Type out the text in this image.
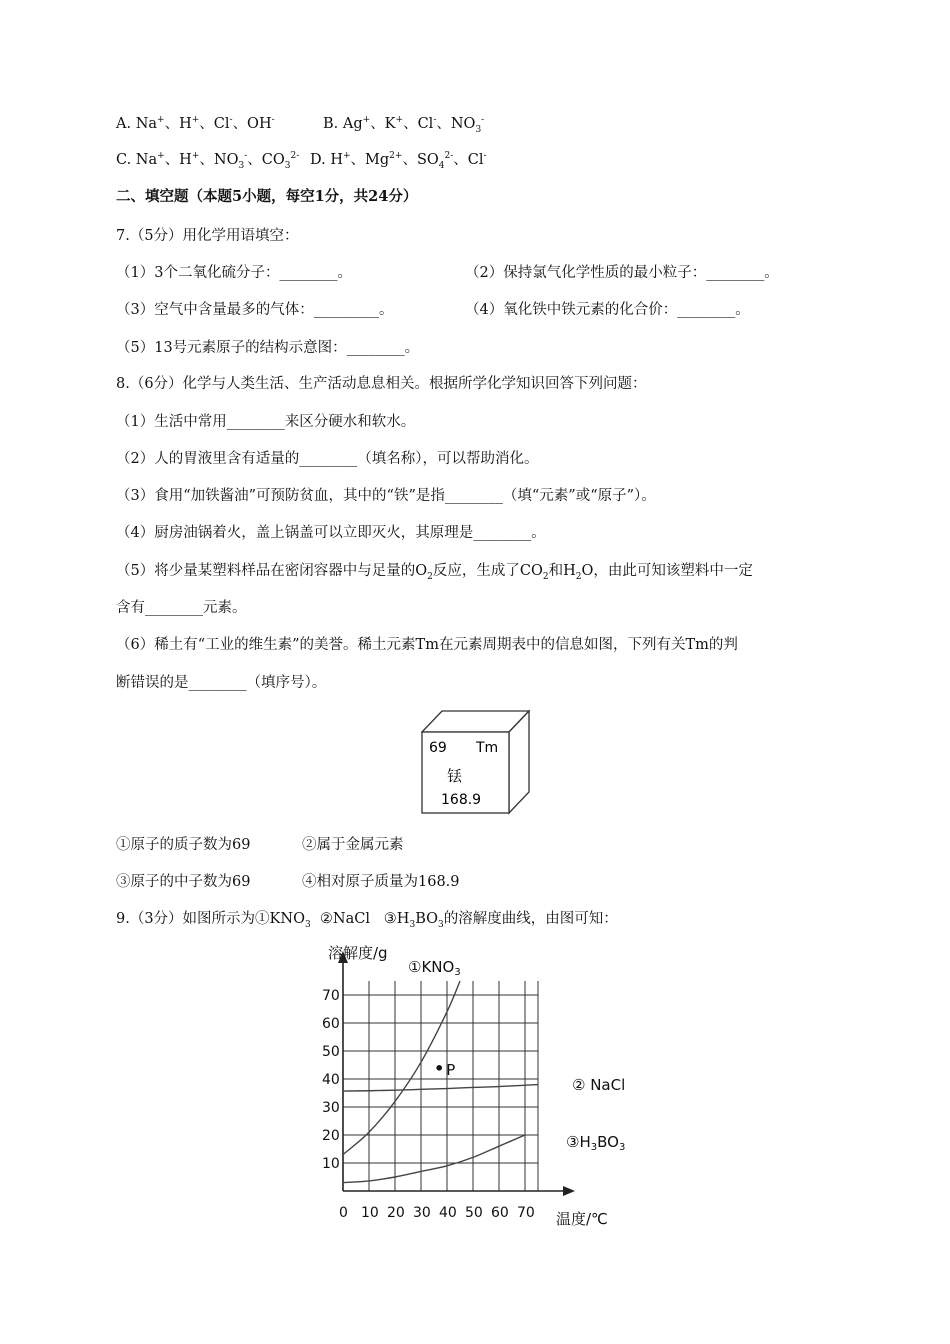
A. Na+、H+、Cl-、OH-	B. Ag+、K+、Cl-、$NO_3^-$
C. Na+、H+、$NO_3^-$、$CO_3^{2-}$ D. H+、$Mg^{2+}$、$SO_4^{2-}$、Cl-
二、填空题（本题5小题，每空1分，共24分）
7.（5分）用化学用语填空：
（1）3个二氧化硫分子：________。	（2）保持氯气化学性质的最小粒子：________。
（3）空气中含量最多的气体：_________。	（4）氧化铁中铁元素的化合价：________。
（5）13号元素原子的结构示意图：________。
8.（6分）化学与人类生活、生产活动息息相关。根据所学化学知识回答下列问题：
（1）生活中常用________来区分硬水和软水。
（2）人的胃液里含有适量的________（填名称），可以帮助消化。
（3）食用“加铁酱油”可预防贫血，其中的“铁”是指________（填“元素”或“原子”）。
（4）厨房油锅着火，盖上锅盖可以立即灭火，其原理是________。
（5）将少量某塑料样品在密闭容器中与足量的$O_2$反应，生成了$CO_2$和$H_2O$，由此可知该塑料中一定
含有________元素。
（6）稀土有“工业的维生素”的美誉。稀土元素Tm在元素周期表中的信息如图，下列有关Tm的判
断错误的是________（填序号）。
69 Tm
铥
168.9
①原子的质子数为69	②属于金属元素
③原子的中子数为69	④相对原子质量为168.9
9.（3分）如图所示为$①KNO_3$  ②NaCl   $③H_3BO_3$的溶解度曲线，由图可知：
0 10 20 30 40 50 60 70
10
20
30
40
50
60
70
溶解度/g
温度/℃
$①KNO_3$
② NaCl
$③H_3BO_3$
P
